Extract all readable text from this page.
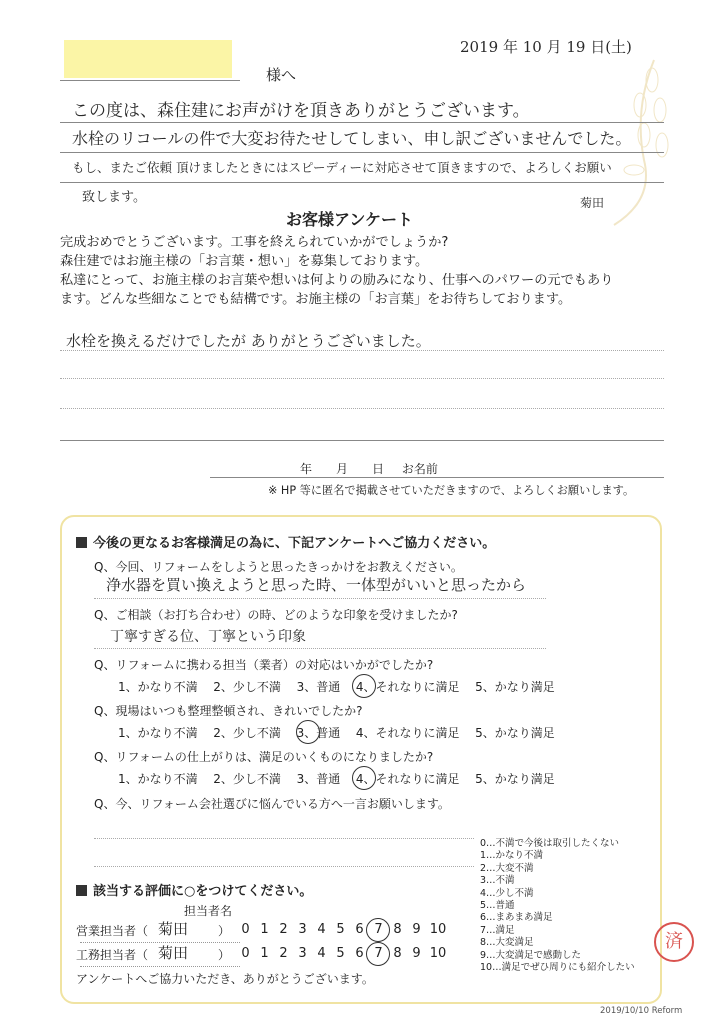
2019 年 10 月 19 日(土)
様へ
この度は、森住建にお声がけを頂きありがとうございます。
水栓のリコールの件で大変お待たせしてしまい、申し訳ございませんでした。
もし、またご依頼 頂けましたときにはスピーディーに対応させて頂きますので、よろしくお願い
致します。	菊田
お客様アンケート
完成おめでとうございます。工事を終えられていかがでしょうか?
森住建ではお施主様の「お言葉・想い」を募集しております。
私達にとって、お施主様のお言葉や想いは何よりの励みになり、仕事へのパワーの元でもあり
ます。どんな些細なことでも結構です。お施主様の「お言葉」をお待ちしております。
水栓を換えるだけでしたが ありがとうございました。
年　　月　　日 お名前
※ HP 等に匿名で掲載させていただきますので、よろしくお願いします。
今後の更なるお客様満足の為に、下記アンケートへご協力ください。
Q、今回、リフォームをしようと思ったきっかけをお教えください。
浄水器を買い換えようと思った時、一体型がいいと思ったから
Q、ご相談（お打ち合わせ）の時、どのような印象を受けましたか?
丁寧すぎる位、丁寧という印象
Q、リフォームに携わる担当（業者）の対応はいかがでしたか?
1、かなり不満 2、少し不満 3、普通 4、それなりに満足 5、かなり満足
Q、現場はいつも整理整頓され、きれいでしたか?
1、かなり不満 2、少し不満 3、普通 4、それなりに満足 5、かなり満足
Q、リフォームの仕上がりは、満足のいくものになりましたか?
1、かなり不満 2、少し不満 3、普通 4、それなりに満足 5、かなり満足
Q、今、リフォーム会社選びに悩んでいる方へ一言お願いします。
該当する評価に○をつけてください。
担当者名
営業担当者（ 菊田 ） 0 1 2 3 4 5 6 7 8 9 10
工務担当者（ 菊田 ） 0 1 2 3 4 5 6 7 8 9 10
アンケートへご協力いただき、ありがとうございます。
0…不満で今後は取引したくない
1…かなり不満
2…大変不満
3…不満
4…少し不満
5…普通
6…まあまあ満足
7…満足
8…大変満足
9…大変満足で感動した
10…満足でぜひ周りにも紹介したい
済
2019/10/10 Reform
